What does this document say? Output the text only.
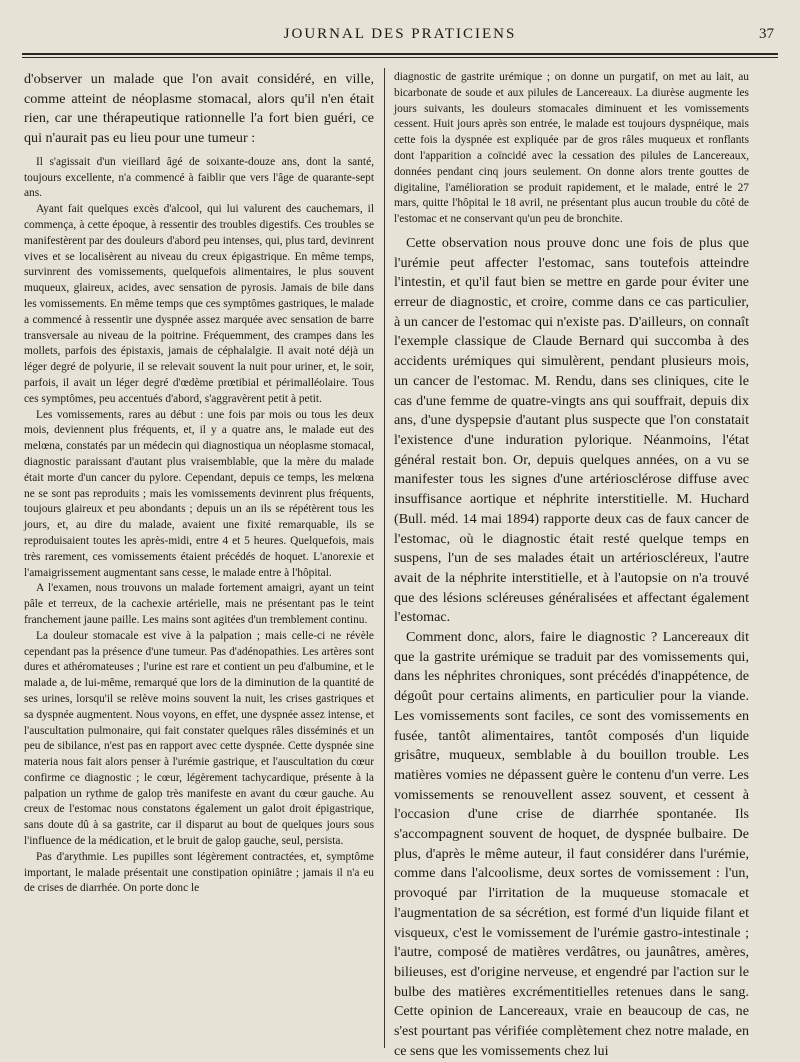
JOURNAL DES PRATICIENS	37

d'observer un malade que l'on avait considéré, en ville, comme atteint de néoplasme stomacal, alors qu'il n'en était rien, car une thérapeutique rationnelle l'a fort bien guéri, ce qui n'aurait pas eu lieu pour une tumeur :

Il s'agissait d'un vieillard âgé de soixante-douze ans, dont la santé, toujours excellente, n'a commencé à faiblir que vers l'âge de quarante-sept ans.

Ayant fait quelques excès d'alcool, qui lui valurent des cauchemars, il commença, à cette époque, à ressentir des troubles digestifs. Ces troubles se manifestèrent par des douleurs d'abord peu intenses, qui, plus tard, devinrent vives et se localisèrent au niveau du creux épigastrique. En même temps, survinrent des vomissements, quelquefois alimentaires, le plus souvent muqueux, glaireux, acides, avec sensation de pyrosis. Jamais de bile dans les vomissements. En même temps que ces symptômes gastriques, le malade a commencé à ressentir une dyspnée assez marquée avec sensation de barre transversale au niveau de la poitrine. Fréquemment, des crampes dans les mollets, parfois des épistaxis, jamais de céphalalgie. Il avait noté déjà un léger degré de polyurie, il se relevait souvent la nuit pour uriner, et, le soir, parfois, il avait un léger degré d'œdème prœtibial et périmalléolaire. Tous ces symptômes, peu accentués d'abord, s'aggravèrent petit à petit.

Les vomissements, rares au début : une fois par mois ou tous les deux mois, deviennent plus fréquents, et, il y a quatre ans, le malade eut des melœna, constatés par un médecin qui diagnostiqua un néoplasme stomacal, diagnostic paraissant d'autant plus vraisemblable, que la mère du malade était morte d'un cancer du pylore. Cependant, depuis ce temps, les melœna ne se sont pas reproduits ; mais les vomissements devinrent plus fréquents, toujours glaireux et peu abondants ; depuis un an ils se répétèrent tous les jours, et, au dire du malade, avaient une fixité remarquable, ils se reproduisaient toutes les après-midi, entre 4 et 5 heures. Quelquefois, mais très rarement, ces vomissements étaient précédés de hoquet. L'anorexie et l'amaigrissement augmentant sans cesse, le malade entre à l'hôpital.

A l'examen, nous trouvons un malade fortement amaigri, ayant un teint pâle et terreux, de la cachexie artérielle, mais ne présentant pas le teint franchement jaune paille. Les mains sont agitées d'un tremblement continu.

La douleur stomacale est vive à la palpation ; mais celle-ci ne révèle cependant pas la présence d'une tumeur. Pas d'adénopathies. Les artères sont dures et athéromateuses ; l'urine est rare et contient un peu d'albumine, et le malade a, de lui-même, remarqué que lors de la diminution de la quantité de ses urines, lorsqu'il se relève moins souvent la nuit, les crises gastriques et sa dyspnée augmentent. Nous voyons, en effet, une dyspnée assez intense, et l'auscultation pulmonaire, qui fait constater quelques râles disséminés et un peu de sibilance, n'est pas en rapport avec cette dyspnée. Cette dyspnée sine materia nous fait alors penser à l'urémie gastrique, et l'auscultation du cœur confirme ce diagnostic ; le cœur, légèrement tachycardique, présente à la palpation un rythme de galop très manifeste en avant du cœur gauche. Au creux de l'estomac nous constatons également un galot droit épigastrique, sans doute dû à sa gastrite, car il disparut au bout de quelques jours sous l'influence de la médication, et le bruit de galop gauche, seul, persista.

Pas d'arythmie. Les pupilles sont légèrement contractées, et, symptôme important, le malade présentait une constipation opiniâtre ; jamais il n'a eu de crises de diarrhée. On porte donc le

diagnostic de gastrite urémique ; on donne un purgatif, on met au lait, au bicarbonate de soude et aux pilules de Lancereaux. La diurèse augmente les jours suivants, les douleurs stomacales diminuent et les vomissements cessent. Huit jours après son entrée, le malade est toujours dyspnéique, mais cette fois la dyspnée est expliquée par de gros râles muqueux et ronflants dont l'apparition a coïncidé avec la cessation des pilules de Lancereaux, données pendant cinq jours seulement. On donne alors trente gouttes de digitaline, l'amélioration se produit rapidement, et le malade, entré le 27 mars, quitte l'hôpital le 18 avril, ne présentant plus aucun trouble du côté de l'estomac et ne conservant qu'un peu de bronchite.

Cette observation nous prouve donc une fois de plus que l'urémie peut affecter l'estomac, sans toutefois atteindre l'intestin, et qu'il faut bien se mettre en garde pour éviter une erreur de diagnostic, et croire, comme dans ce cas particulier, à un cancer de l'estomac qui n'existe pas. D'ailleurs, on connaît l'exemple classique de Claude Bernard qui succomba à des accidents urémiques qui simulèrent, pendant plusieurs mois, un cancer de l'estomac. M. Rendu, dans ses cliniques, cite le cas d'une femme de quatre-vingts ans qui souffrait, depuis dix ans, d'une dyspepsie d'autant plus suspecte que l'on constatait l'existence d'une induration pylorique. Néanmoins, l'état général restait bon. Or, depuis quelques années, on a vu se manifester tous les signes d'une artériosclérose diffuse avec insuffisance aortique et néphrite interstitielle. M. Huchard (Bull. méd. 14 mai 1894) rapporte deux cas de faux cancer de l'estomac, où le diagnostic était resté quelque temps en suspens, l'un de ses malades était un artérioscléreux, l'autre avait de la néphrite interstitielle, et à l'autopsie on n'a trouvé que des lésions scléreuses généralisées et affectant également l'estomac.

Comment donc, alors, faire le diagnostic ? Lancereaux dit que la gastrite urémique se traduit par des vomissements qui, dans les néphrites chroniques, sont précédés d'inappétence, de dégoût pour certains aliments, en particulier pour la viande. Les vomissements sont faciles, ce sont des vomissements en fusée, tantôt alimentaires, tantôt composés d'un liquide grisâtre, muqueux, semblable à du bouillon trouble. Les matières vomies ne dépassent guère le contenu d'un verre. Les vomissements se renouvellent assez souvent, et cessent à l'occasion d'une crise de diarrhée spontanée. Ils s'accompagnent souvent de hoquet, de dyspnée bulbaire. De plus, d'après le même auteur, il faut considérer dans l'urémie, comme dans l'alcoolisme, deux sortes de vomissement : l'un, provoqué par l'irritation de la muqueuse stomacale et l'augmentation de sa sécrétion, est formé d'un liquide filant et visqueux, c'est le vomissement de l'urémie gastro-intestinale ; l'autre, composé de matières verdâtres, ou jaunâtres, amères, bilieuses, est d'origine nerveuse, et engendré par l'action sur le bulbe des matières excrémentitielles retenues dans le sang. Cette opinion de Lancereaux, vraie en beaucoup de cas, ne s'est pourtant pas vérifiée complètement chez notre malade, en ce sens que les vomissements chez lui
